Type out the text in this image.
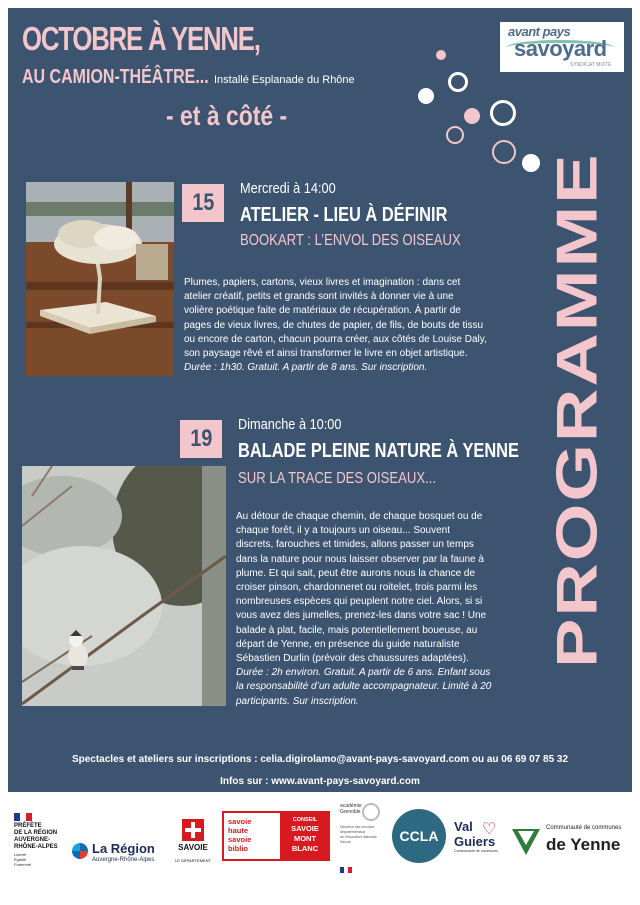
OCTOBRE À YENNE,
AU CAMION-THÉÂTRE... Installé Esplanade du Rhône
- et à côté -
avant pays
savoyard
SYNDICAT MIXTE
PROGRAMME
15
Mercredi à 14:00
ATELIER - LIEU À DÉFINIR
BOOKART : L’ENVOL DES OISEAUX

Plumes, papiers, cartons, vieux livres et imagination : dans cet

atelier créatif, petits et grands sont invités à donner vie à une

volière poétique faite de matériaux de récupération. À partir de

pages de vieux livres, de chutes de papier, de fils, de bouts de tissu

ou encore de carton, chacun pourra créer, aux côtés de Louise Daly,

son paysage rêvé et ainsi transformer le livre en objet artistique.

Durée : 1h30. Gratuit. A partir de 8 ans. Sur inscription.

19
Dimanche à 10:00
BALADE PLEINE NATURE À YENNE
SUR LA TRACE DES OISEAUX...

Au détour de chaque chemin, de chaque bosquet ou de

chaque forêt, il y a toujours un oiseau... Souvent

discrets, farouches et timides, allons passer un temps

dans la nature pour nous laisser observer par la faune à

plume. Et qui sait, peut être aurons nous la chance de

croiser pinson, chardonneret ou roitelet, trois parmi les

nombreuses espèces qui peuplent notre ciel. Alors, si si

vous avez des jumelles, prenez-les dans votre sac ! Une

balade à plat, facile, mais potentiellement boueuse, au

départ de Yenne, en présence du guide naturaliste

Sébastien Durlin (prévoir des chaussures adaptées).

Durée : 2h environ. Gratuit. A partir de 6 ans. Enfant sous

la responsabilité d’un adulte accompagnateur. Limité à 20

participants. Sur inscription.

Spectacles et ateliers sur inscriptions : celia.digirolamo@avant-pays-savoyard.com ou au 06 69 07 85 32
Infos sur : www.avant-pays-savoyard.com
PRÉFÈTE
DE LA RÉGION
AUVERGNE-
RHÔNE-ALPES
Liberté
Égalité
Fraternité
La Région
Auvergne-Rhône-Alpes
SAVOIE
LE DÉPARTEMENT
savoie
haute
savoie
biblio
CONSEIL
SAVOIE
MONT
BLANC
académie
Grenoble
Direction des services
départementaux
de l’éducation nationale
Savoie	CCLA
Val ♡
Guiers
Communauté de communes
Communauté de communes
de Yenne
